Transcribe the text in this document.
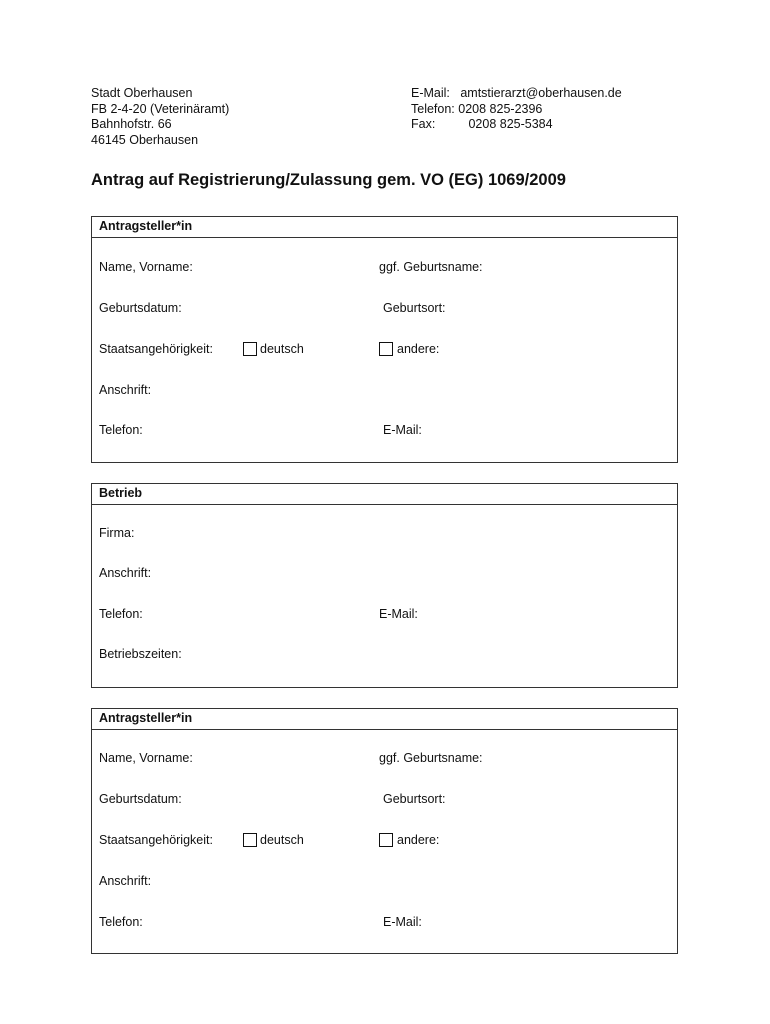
Stadt Oberhausen
FB 2-4-20 (Veterinäramt)
Bahnhofstr. 66
46145 Oberhausen
E-Mail: amtstierarzt@oberhausen.de
Telefon: 0208 825-2396
Fax:	0208 825-5384
Antrag auf Registrierung/Zulassung gem. VO (EG) 1069/2009
Antragsteller*in
Name, Vorname:	ggf. Geburtsname:
Geburtsdatum:	Geburtsort:
Staatsangehörigkeit:	deutsch	andere:
Anschrift:
Telefon:	E-Mail:
Betrieb
Firma:
Anschrift:
Telefon:	E-Mail:
Betriebszeiten:
Antragsteller*in
Name, Vorname:	ggf. Geburtsname:
Geburtsdatum:	Geburtsort:
Staatsangehörigkeit:	deutsch	andere:
Anschrift:
Telefon:	E-Mail:
